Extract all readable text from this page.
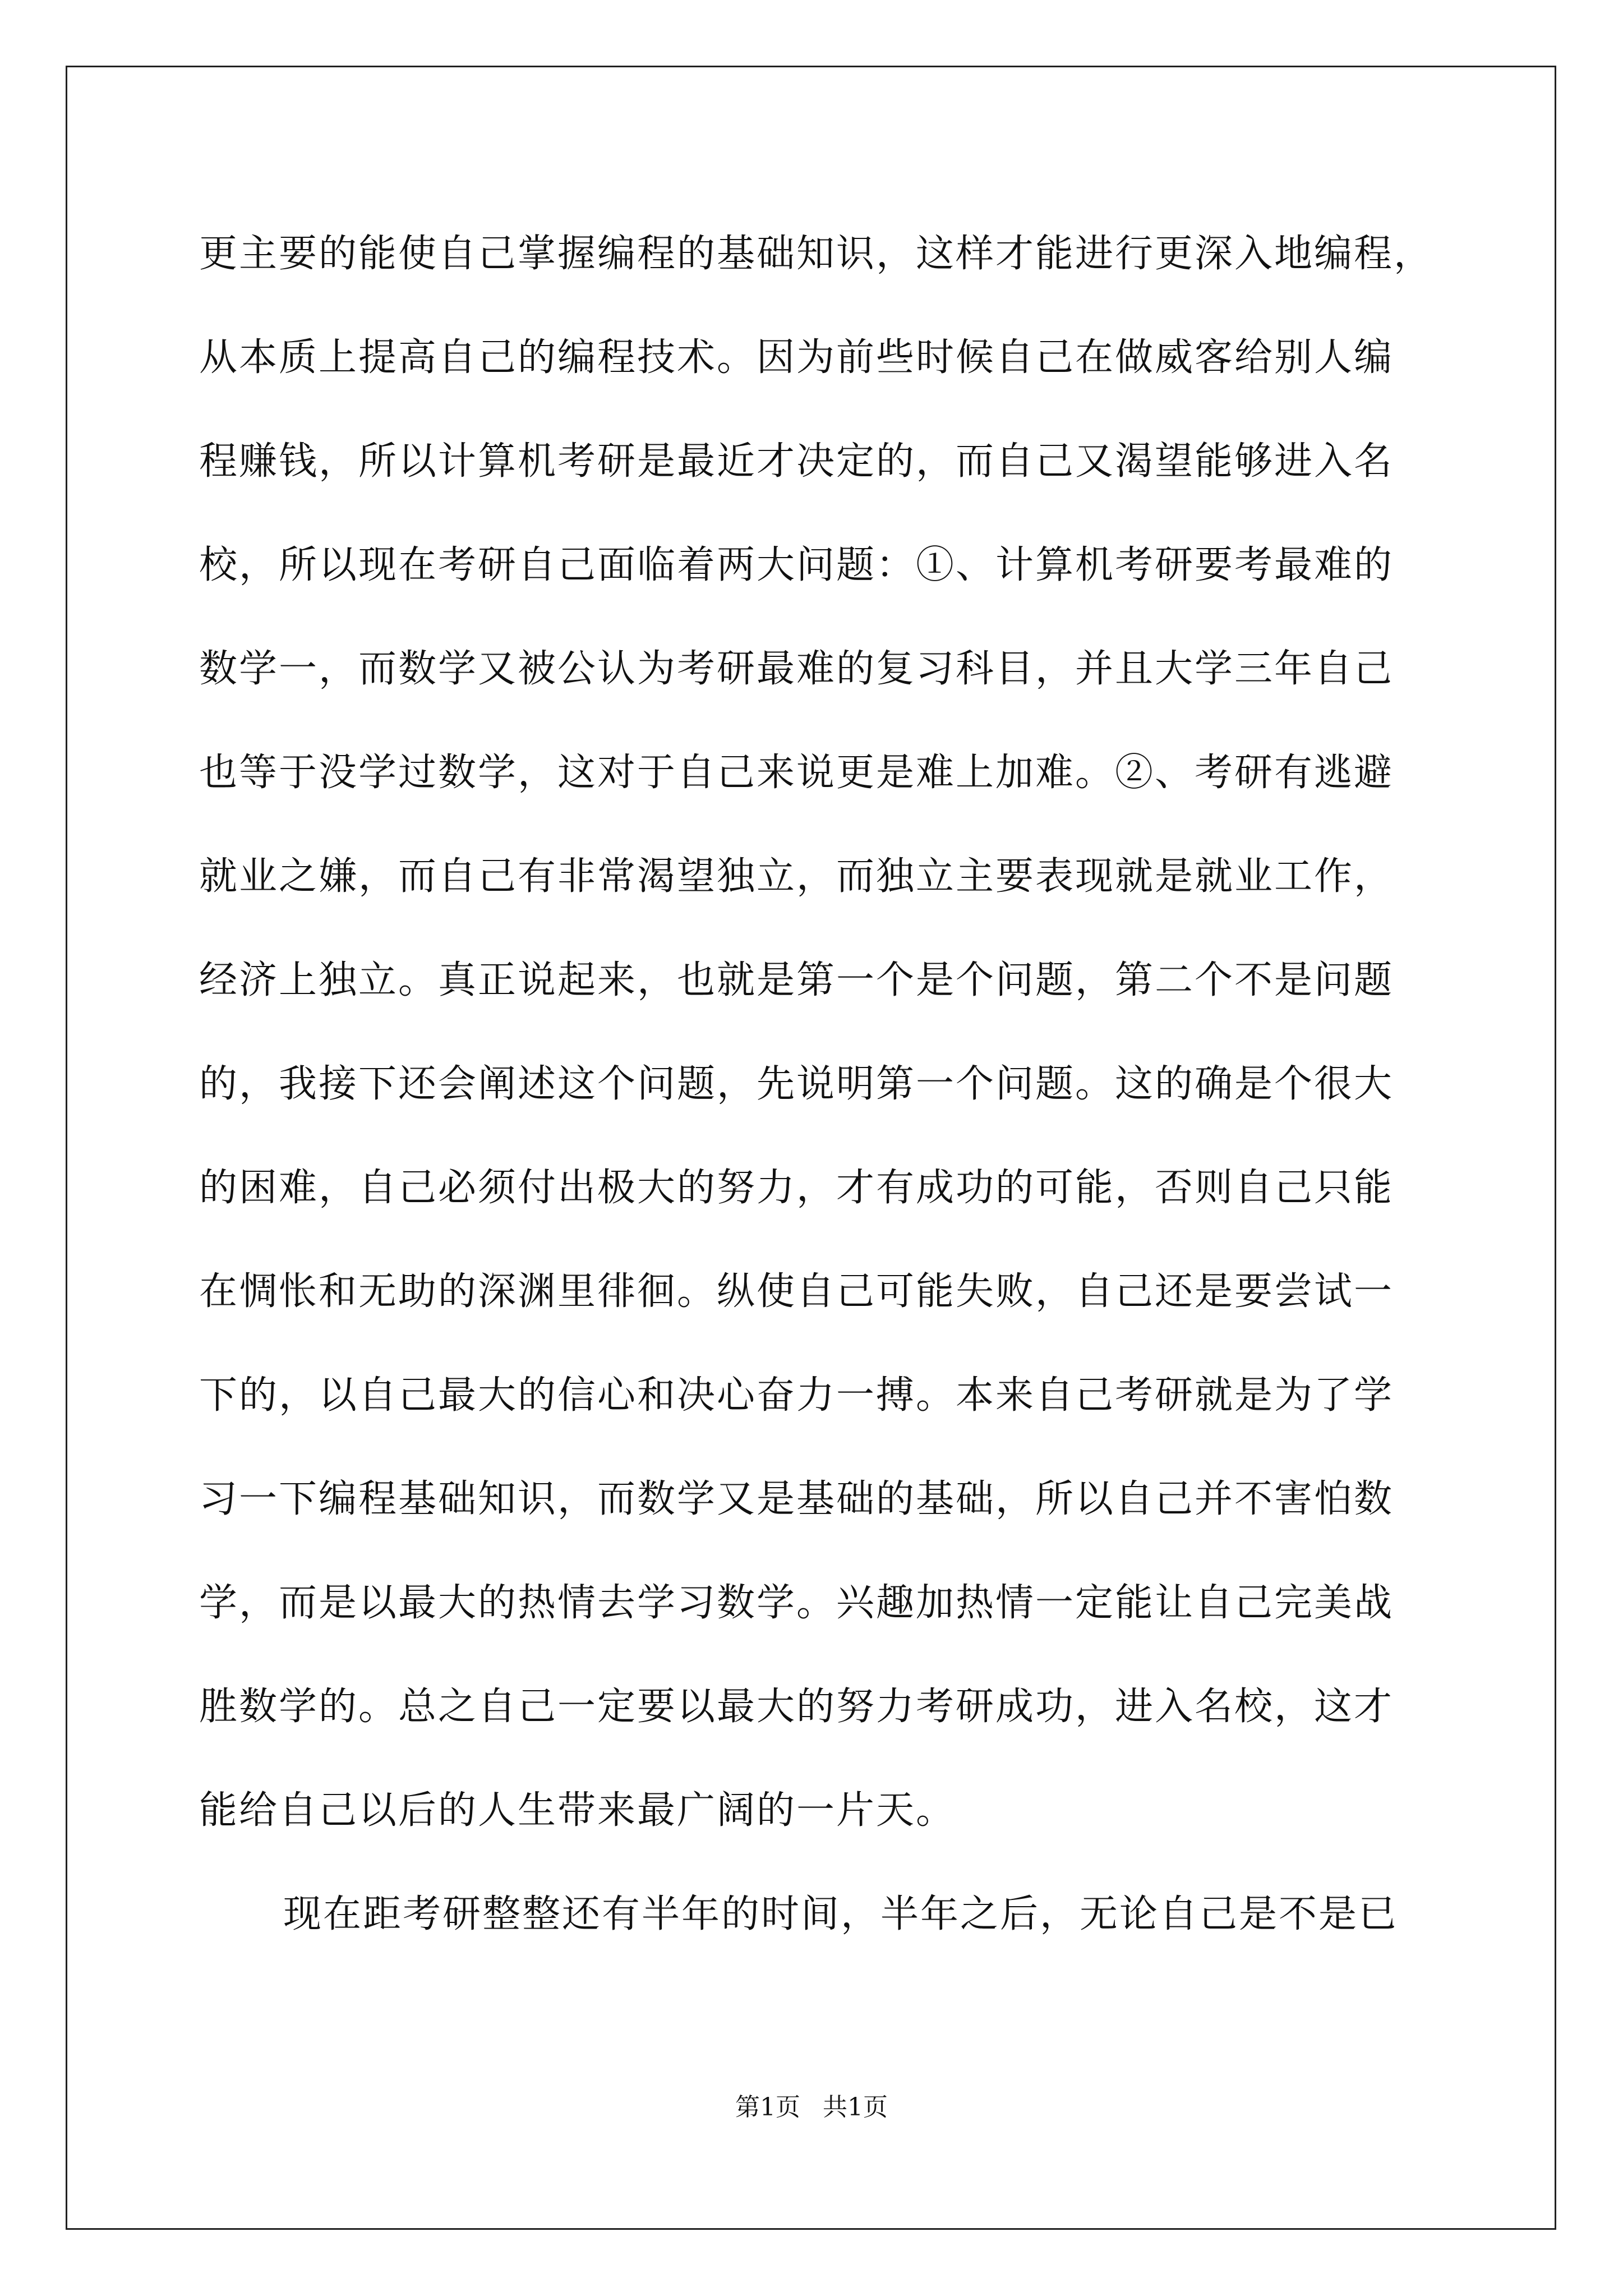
更主要的能使自己掌握编程的基础知识，这样才能进行更深入地编程，
从本质上提高自己的编程技术。因为前些时候自己在做威客给别人编
程赚钱，所以计算机考研是最近才决定的，而自己又渴望能够进入名
校，所以现在考研自己面临着两大问题：①、计算机考研要考最难的
数学一，而数学又被公认为考研最难的复习科目，并且大学三年自己
也等于没学过数学，这对于自己来说更是难上加难。②、考研有逃避
就业之嫌，而自己有非常渴望独立，而独立主要表现就是就业工作，
经济上独立。真正说起来，也就是第一个是个问题，第二个不是问题
的，我接下还会阐述这个问题，先说明第一个问题。这的确是个很大
的困难，自己必须付出极大的努力，才有成功的可能，否则自己只能
在惆怅和无助的深渊里徘徊。纵使自己可能失败，自己还是要尝试一
下的，以自己最大的信心和决心奋力一搏。本来自己考研就是为了学
习一下编程基础知识，而数学又是基础的基础，所以自己并不害怕数
学，而是以最大的热情去学习数学。兴趣加热情一定能让自己完美战
胜数学的。总之自己一定要以最大的努力考研成功，进入名校，这才
能给自己以后的人生带来最广阔的一片天。
现在距考研整整还有半年的时间，半年之后，无论自己是不是已
第1页 共1页
